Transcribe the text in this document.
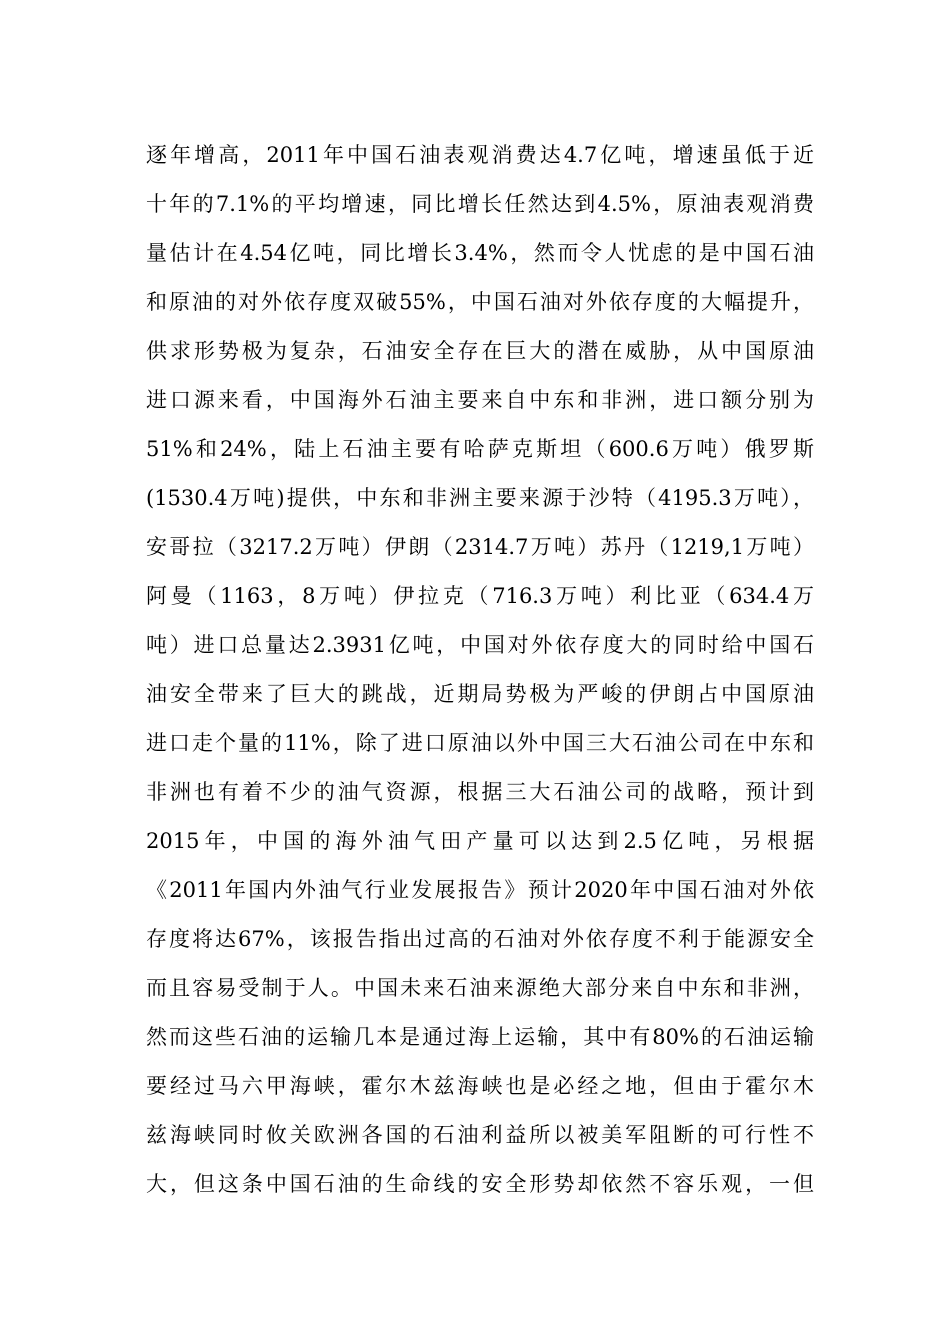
逐年增高，2011年中国石油表观消费达4.7亿吨，增速虽低于近
十年的7.1%的平均增速，同比增长任然达到4.5%，原油表观消费
量估计在4.54亿吨，同比增长3.4%，然而令人忧虑的是中国石油
和原油的对外依存度双破55%，中国石油对外依存度的大幅提升，
供求形势极为复杂，石油安全存在巨大的潜在威胁，从中国原油
进口源来看，中国海外石油主要来自中东和非洲，进口额分别为
51%和24%，陆上石油主要有哈萨克斯坦（600.6万吨）俄罗斯
(1530.4万吨)提供，中东和非洲主要来源于沙特（4195.3万吨），
安哥拉（3217.2万吨）伊朗（2314.7万吨）苏丹（1219,1万吨）
阿曼（1163，8万吨）伊拉克（716.3万吨）利比亚（634.4万
吨）进口总量达2.3931亿吨，中国对外依存度大的同时给中国石
油安全带来了巨大的跳战，近期局势极为严峻的伊朗占中国原油
进口走个量的11%，除了进口原油以外中国三大石油公司在中东和
非洲也有着不少的油气资源，根据三大石油公司的战略，预计到
2015年，中国的海外油气田产量可以达到2.5亿吨，另根据
《2011年国内外油气行业发展报告》预计2020年中国石油对外依
存度将达67%，该报告指出过高的石油对外依存度不利于能源安全
而且容易受制于人。中国未来石油来源绝大部分来自中东和非洲，
然而这些石油的运输几本是通过海上运输，其中有80%的石油运输
要经过马六甲海峡，霍尔木兹海峡也是必经之地，但由于霍尔木
兹海峡同时攸关欧洲各国的石油利益所以被美军阻断的可行性不
大，但这条中国石油的生命线的安全形势却依然不容乐观，一但
